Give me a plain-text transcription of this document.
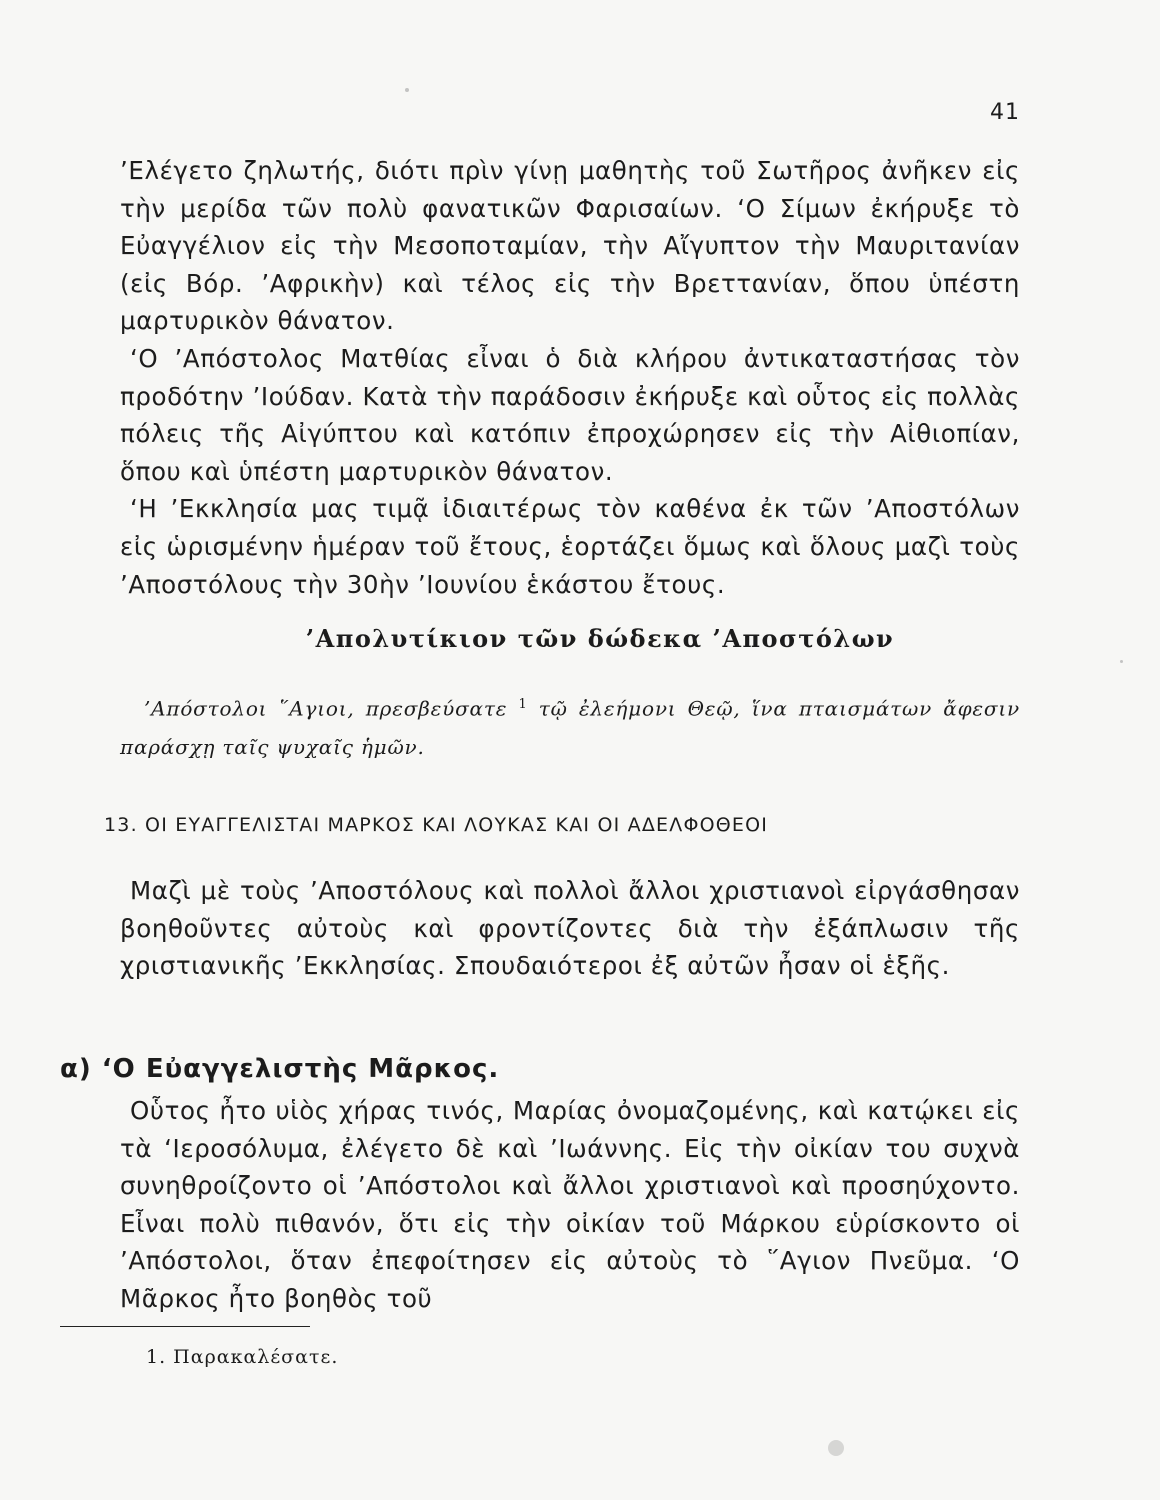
41

’Ελέγετο ζηλωτής, διότι πρὶν γίνῃ μαθητὴς τοῦ Σωτῆρος ἀνῆκεν εἰς τὴν μερίδα τῶν πολὺ φανατικῶν Φαρισαίων. ‘Ο Σίμων ἐκήρυξε τὸ Εὐαγγέλιον εἰς τὴν Μεσοποταμίαν, τὴν Αἴγυπτον τὴν Μαυριτανίαν (εἰς Βόρ. ’Αφρικὴν) καὶ τέλος εἰς τὴν Βρεττανίαν, ὅπου ὑπέστη μαρτυρικὸν θάνατον.

‘Ο ’Απόστολος Ματθίας εἶναι ὁ διὰ κλήρου ἀντικαταστήσας τὸν προδότην ’Ιούδαν. Κατὰ τὴν παράδοσιν ἐκήρυξε καὶ οὗτος εἰς πολλὰς πόλεις τῆς Αἰγύπτου καὶ κατόπιν ἐπροχώρησεν εἰς τὴν Αἰθιοπίαν, ὅπου καὶ ὑπέστη μαρτυρικὸν θάνατον.

‘Η ’Εκκλησία μας τιμᾷ ἰδιαιτέρως τὸν καθένα ἐκ τῶν ’Αποστόλων εἰς ὡρισμένην ἡμέραν τοῦ ἔτους, ἑορτάζει ὅμως καὶ ὅλους μαζὶ τοὺς ’Αποστόλους τὴν 30ὴν ’Ιουνίου ἑκάστου ἔτους.

’Απολυτίκιον τῶν δώδεκα ’Αποστόλων

’Απόστολοι ῞Αγιοι, πρεσβεύσατε $^1$ τῷ ἐλεήμονι Θεῷ, ἵνα πταισμάτων ἄφεσιν παράσχῃ ταῖς ψυχαῖς ἡμῶν.

13. ΟΙ ΕΥΑΓΓΕΛΙΣΤΑΙ ΜΑΡΚΟΣ ΚΑΙ ΛΟΥΚΑΣ ΚΑΙ ΟΙ ΑΔΕΛΦΟΘΕΟΙ

Μαζὶ μὲ τοὺς ’Αποστόλους καὶ πολλοὶ ἄλλοι χριστιανοὶ εἰργάσθησαν βοηθοῦντες αὐτοὺς καὶ φροντίζοντες διὰ τὴν ἐξάπλωσιν τῆς χριστιανικῆς ’Εκκλησίας. Σπουδαιότεροι ἐξ αὐτῶν ἦσαν οἱ ἑξῆς.

α) ‘Ο Εὐαγγελιστὴς Μᾶρκος.

Οὗτος ἦτο υἱὸς χήρας τινός, Μαρίας ὀνομαζομένης, καὶ κατῴκει εἰς τὰ ‘Ιεροσόλυμα, ἐλέγετο δὲ καὶ ’Ιωάννης. Εἰς τὴν οἰκίαν του συχνὰ συνηθροίζοντο οἱ ’Απόστολοι καὶ ἄλλοι χριστιανοὶ καὶ προσηύχοντο. Εἶναι πολὺ πιθανόν, ὅτι εἰς τὴν οἰκίαν τοῦ Μάρκου εὑρίσκοντο οἱ ’Απόστολοι, ὅταν ἐπεφοίτησεν εἰς αὐτοὺς τὸ ῞Αγιον Πνεῦμα. ‘Ο Μᾶρκος ἦτο βοηθὸς τοῦ

1. Παρακαλέσατε.
